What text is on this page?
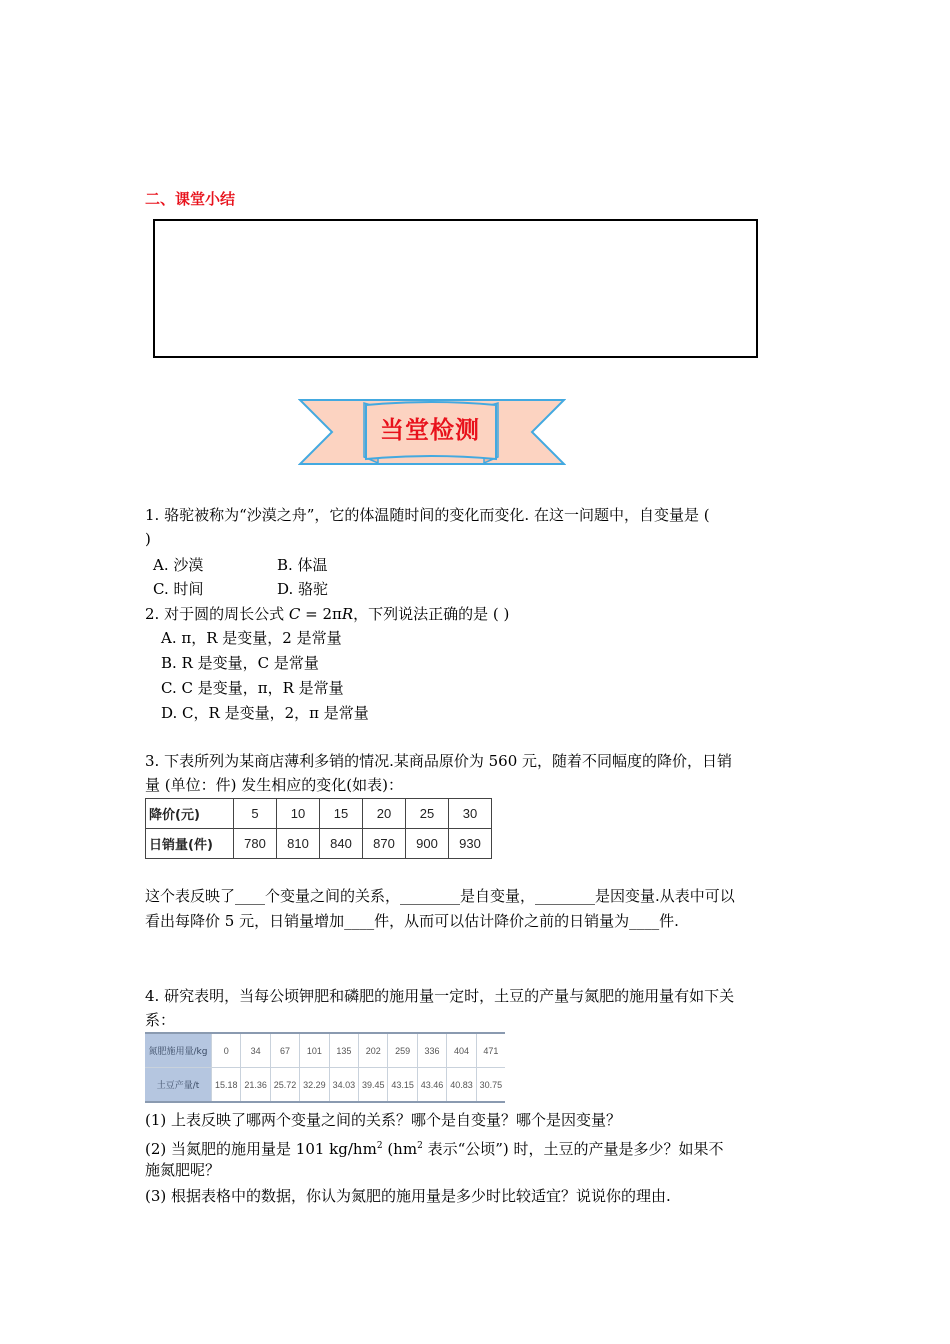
二、课堂小结
当堂检测
1. 骆驼被称为“沙漠之舟”，它的体温随时间的变化而变化. 在这一问题中，自变量是 (
)
A. 沙漠	B. 体温
C. 时间	D. 骆驼
2. 对于圆的周长公式 C = 2πR，下列说法正确的是 ( )
A. π，R 是变量，2 是常量
B. R 是变量，C 是常量
C. C 是变量，π，R 是常量
D. C，R 是变量，2，π 是常量
3. 下表所列为某商店薄利多销的情况.某商品原价为 560 元，随着不同幅度的降价，日销
量 (单位：件) 发生相应的变化(如表)：
降价(元)	5	10	15	20	25	30
日销量(件)	780	810	840	870	900	930
这个表反映了____个变量之间的关系，________是自变量，________是因变量.从表中可以
看出每降价 5 元，日销量增加____件，从而可以估计降价之前的日销量为____件.
4. 研究表明，当每公顷钾肥和磷肥的施用量一定时，土豆的产量与氮肥的施用量有如下关
系：
氮肥施用量/kg	0	34	67	101	135	202	259	336	404	471
土豆产量/t	15.18	21.36	25.72	32.29	34.03	39.45	43.15	43.46	40.83	30.75
(1) 上表反映了哪两个变量之间的关系？哪个是自变量？哪个是因变量？
(2) 当氮肥的施用量是 101 $kg/hm^2$ ($hm^2$ 表示“公顷”) 时，土豆的产量是多少？如果不
施氮肥呢？
(3) 根据表格中的数据，你认为氮肥的施用量是多少时比较适宜？说说你的理由.
